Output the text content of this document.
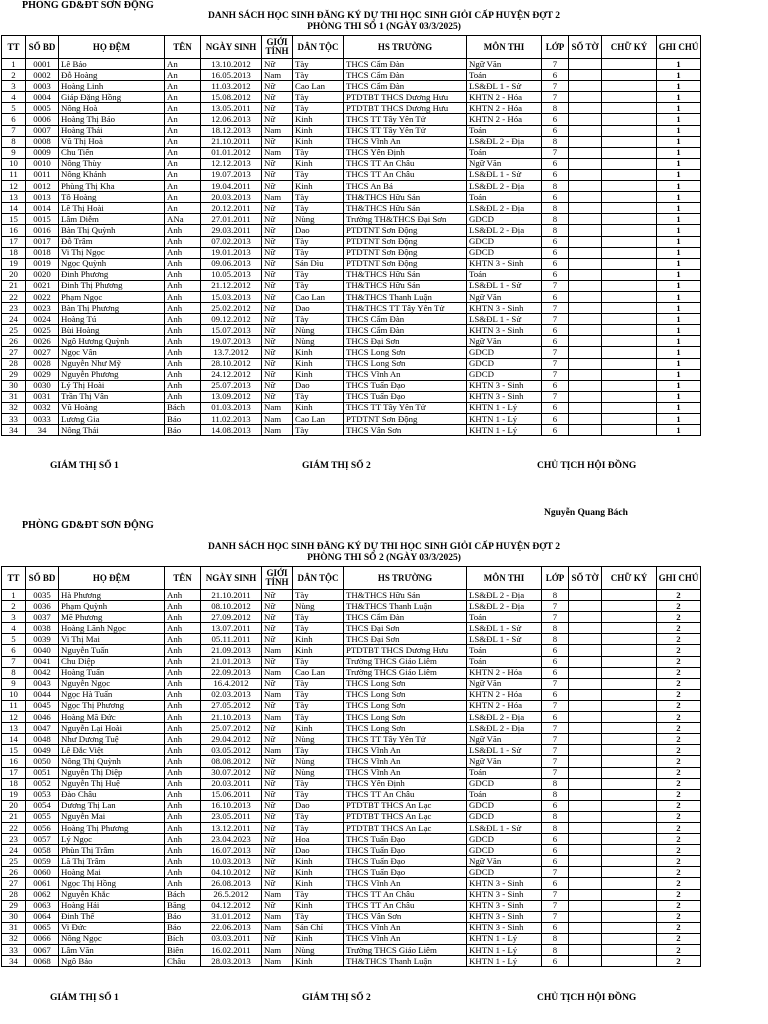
PHÒNG GD&ĐT SƠN ĐỘNG
DANH SÁCH HỌC SINH ĐĂNG KÝ DỰ THI HỌC SINH GIỎI CẤP HUYỆN ĐỢT 2
PHÒNG THI SỐ 1 (NGÀY 03/3/2025)
TT	SỐ BD	HỌ ĐỆM	TÊN	NGÀY SINH	GIỚI TÍNH	DÂN TỘC	HS TRƯỜNG	MÔN THI	LỚP	SỐ TỜ	CHỮ KÝ	GHI CHÚ
1	0001	Lê Bảo	An	13.10.2012	Nữ	Tày	THCS Cẩm Đàn	Ngữ Văn	7			1
2	0002	Đỗ Hoàng	An	16.05.2013	Nam	Tày	THCS Cẩm Đàn	Toán	6			1
3	0003	Hoàng Linh	An	11.03.2012	Nữ	Cao Lan	THCS Cẩm Đàn	LS&ĐL 1 - Sử	7			1
4	0004	Giáp Đặng Hồng	An	15.08.2012	Nữ	Tày	PTDTBT THCS Dương Hưu	KHTN 2 - Hóa	7			1
5	0005	Nông Hoà	An	13.05.2011	Nữ	Tày	PTDTBT THCS Dương Hưu	KHTN 2 - Hóa	8			1
6	0006	Hoàng Thị Bảo	An	12.06.2013	Nữ	Kinh	THCS TT Tây Yên Tử	KHTN 2 - Hóa	6			1
7	0007	Hoàng Thái	An	18.12.2013	Nam	Kinh	THCS TT Tây Yên Tử	Toán	6			1
8	0008	Vũ Thị Hoà	An	21.10.2011	Nữ	Kinh	THCS Vĩnh An	LS&ĐL 2 - Địa	8			1
9	0009	Chu Tiến	An	01.01.2012	Nam	Tày	THCS Yên Định	Toán	7			1
10	0010	Nông Thùy	An	12.12.2013	Nữ	Kinh	THCS TT An Châu	Ngữ Văn	6			1
11	0011	Nông Khánh	An	19.07.2013	Nữ	Tày	THCS TT An Châu	LS&ĐL 1 - Sử	6			1
12	0012	Phùng Thị Kha	An	19.04.2011	Nữ	Kinh	THCS An Bá	LS&ĐL 2 - Địa	8			1
13	0013	Tô Hoàng	An	20.03.2013	Nam	Tày	TH&THCS Hữu Sản	Toán	6			1
14	0014	Lê Thị Hoài	An	20.12.2011	Nữ	Tày	TH&THCS Hữu Sản	LS&ĐL 2 - Địa	8			1
15	0015	Lâm Diễm	ANa	27.01.2011	Nữ	Nùng	Trường TH&THCS Đại Sơn	GDCD	8			1
16	0016	Bàn Thị Quỳnh	Anh	29.03.2011	Nữ	Dao	PTDTNT Sơn Động	LS&ĐL 2 - Địa	8			1
17	0017	Đỗ Trâm	Anh	07.02.2013	Nữ	Tày	PTDTNT Sơn Động	GDCD	6			1
18	0018	Vi Thị Ngọc	Anh	19.01.2013	Nữ	Tày	PTDTNT Sơn Động	GDCD	6			1
19	0019	Ngọc Quỳnh	Anh	09.06.2013	Nữ	Sán Dìu	PTDTNT Sơn Động	KHTN 3 - Sinh	6			1
20	0020	Đinh Phương	Anh	10.05.2013	Nữ	Tày	TH&THCS Hữu Sản	Toán	6			1
21	0021	Đinh Thị Phương	Anh	21.12.2012	Nữ	Tày	TH&THCS Hữu Sản	LS&ĐL 1 - Sử	7			1
22	0022	Phạm Ngọc	Anh	15.03.2013	Nữ	Cao Lan	TH&THCS Thanh Luận	Ngữ Văn	6			1
23	0023	Bàn Thị Phương	Anh	25.02.2012	Nữ	Dao	TH&THCS TT Tây Yên Tử	KHTN 3 - Sinh	7			1
24	0024	Hoàng Tú	Anh	09.12.2012	Nữ	Tày	THCS Cẩm Đàn	LS&ĐL 1 - Sử	7			1
25	0025	Bùi Hoàng	Anh	15.07.2013	Nữ	Nùng	THCS Cẩm Đàn	KHTN 3 - Sinh	6			1
26	0026	Ngô Hương Quỳnh	Anh	19.07.2013	Nữ	Nùng	THCS Đại Sơn	Ngữ Văn	6			1
27	0027	Ngọc Vân	Anh	13.7.2012	Nữ	Kinh	THCS Long Sơn	GDCD	7			1
28	0028	Nguyễn Như Mỹ	Anh	28.10.2012	Nữ	Kinh	THCS Long Sơn	GDCD	7			1
29	0029	Nguyễn Phương	Anh	24.12.2012	Nữ	Kinh	THCS Vĩnh An	GDCD	7			1
30	0030	Lý Thị Hoài	Anh	25.07.2013	Nữ	Dao	THCS Tuấn Đạo	KHTN 3 - Sinh	6			1
31	0031	Trần Thị Vân	Anh	13.09.2012	Nữ	Tày	THCS Tuấn Đạo	KHTN 3 - Sinh	7			1
32	0032	Vũ Hoàng	Bách	01.03.2013	Nam	Kinh	THCS TT Tây Yên Tử	KHTN 1 - Lý	6			1
33	0033	Lương Gia	Bảo	11.02.2013	Nam	Cao Lan	PTDTNT Sơn Động	KHTN 1 - Lý	6			1
34	34	Nông Thái	Bảo	14.08.2013	Nam	Tày	THCS Vân Sơn	KHTN 1 - Lý	6			1
GIÁM THỊ SỐ 1	GIÁM THỊ SỐ 2	CHỦ TỊCH HỘI ĐỒNG
Nguyễn Quang Bách
PHÒNG GD&ĐT SƠN ĐỘNG
DANH SÁCH HỌC SINH ĐĂNG KÝ DỰ THI HỌC SINH GIỎI CẤP HUYỆN ĐỢT 2
PHÒNG THI SỐ 2 (NGÀY 03/3/2025)
TT	SỐ BD	HỌ ĐỆM	TÊN	NGÀY SINH	GIỚI TÍNH	DÂN TỘC	HS TRƯỜNG	MÔN THI	LỚP	SỐ TỜ	CHỮ KÝ	GHI CHÚ
1	0035	Hà Phương	Anh	21.10.2011	Nữ	Tày	TH&THCS Hữu Sản	LS&ĐL 2 - Địa	8			2
2	0036	Phạm Quỳnh	Anh	08.10.2012	Nữ	Nùng	TH&THCS Thanh Luận	LS&ĐL 2 - Địa	7			2
3	0037	Mẽ Phương	Anh	27.09.2012	Nữ	Tày	THCS Cẩm Đàn	Toán	7			2
4	0038	Hoàng Lãnh Ngọc	Anh	13.07.2011	Nữ	Tày	THCS Đại Sơn	LS&ĐL 1 - Sử	8			2
5	0039	Vi Thị Mai	Anh	05.11.2011	Nữ	Kinh	THCS Đại Sơn	LS&ĐL 1 - Sử	8			2
6	0040	Nguyễn Tuấn	Anh	21.09.2013	Nam	Kinh	PTDTBT THCS Dương Hưu	Toán	6			2
7	0041	Chu Diệp	Anh	21.01.2013	Nữ	Tày	Trường THCS Giáo Liêm	Toán	6			2
8	0042	Hoàng Tuấn	Anh	22.09.2013	Nam	Cao Lan	Trường THCS Giáo Liêm	KHTN 2 - Hóa	6			2
9	0043	Nguyễn Ngọc	Anh	16.4.2012	Nữ	Tày	THCS Long Sơn	Ngữ Văn	7			2
10	0044	Ngọc Hà Tuấn	Anh	02.03.2013	Nam	Tày	THCS Long Sơn	KHTN 2 - Hóa	6			2
11	0045	Ngọc Thị Phương	Anh	27.05.2012	Nữ	Tày	THCS Long Sơn	KHTN 2 - Hóa	7			2
12	0046	Hoàng Mã Đức	Anh	21.10.2013	Nam	Tày	THCS Long Sơn	LS&ĐL 2 - Địa	6			2
13	0047	Nguyễn Lại Hoài	Anh	25.07.2012	Nữ	Kinh	THCS Long Sơn	LS&ĐL 2 - Địa	7			2
14	0048	Như Dương Tuệ	Anh	29.04.2012	Nữ	Nùng	THCS TT Tây Yên Tử	Ngữ Văn	7			2
15	0049	Lê Đắc Việt	Anh	03.05.2012	Nam	Tày	THCS Vĩnh An	LS&ĐL 1 - Sử	7			2
16	0050	Nông Thị Quỳnh	Anh	08.08.2012	Nữ	Nùng	THCS Vĩnh An	Ngữ Văn	7			2
17	0051	Nguyễn Thị Diệp	Anh	30.07.2012	Nữ	Nùng	THCS Vĩnh An	Toán	7			2
18	0052	Nguyễn Thị Huệ	Anh	20.03.2011	Nữ	Tày	THCS Yên Định	GDCD	8			2
19	0053	Đào Châu	Anh	15.06.2011	Nữ	Tày	THCS TT An Châu	Toán	8			2
20	0054	Dương Thị Lan	Anh	16.10.2013	Nữ	Dao	PTDTBT THCS An Lạc	GDCD	6			2
21	0055	Nguyễn Mai	Anh	23.05.2011	Nữ	Tày	PTDTBT THCS An Lạc	GDCD	8			2
22	0056	Hoàng Thị Phương	Anh	13.12.2011	Nữ	Tày	PTDTBT THCS An Lạc	LS&ĐL 1 - Sử	8			2
23	0057	Lý Ngọc	Anh	23.04.2023	Nữ	Hoa	THCS Tuấn Đạo	GDCD	6			2
24	0058	Phùn Thị Trâm	Anh	16.07.2013	Nữ	Dao	THCS Tuấn Đạo	GDCD	6			2
25	0059	Lã Thị Trâm	Anh	10.03.2013	Nữ	Kinh	THCS Tuấn Đạo	Ngữ Văn	6			2
26	0060	Hoàng Mai	Anh	04.10.2012	Nữ	Kinh	THCS Tuấn Đạo	GDCD	7			2
27	0061	Ngọc Thị Hồng	Anh	26.08.2013	Nữ	Kinh	THCS Vĩnh An	KHTN 3 - Sinh	6			2
28	0062	Nguyễn Khắc	Bách	26.5.2012	Nam	Tày	THCS TT An Châu	KHTN 3 - Sinh	7			2
29	0063	Hoàng Hải	Băng	04.12.2012	Nữ	Kinh	THCS TT An Châu	KHTN 3 - Sinh	7			2
30	0064	Đinh Thế	Bảo	31.01.2012	Nam	Tày	THCS Vân Sơn	KHTN 3 - Sinh	7			2
31	0065	Vi Đức	Bảo	22.06.2013	Nam	Sán Chỉ	THCS Vĩnh An	KHTN 3 - Sinh	6			2
32	0066	Nông Ngọc	Bích	03.03.2011	Nữ	Kinh	THCS Vĩnh An	KHTN 1 - Lý	8			2
33	0067	Lâm Văn	Biên	16.02.2011	Nam	Nùng	Trường THCS Giáo Liêm	KHTN 1 - Lý	8			2
34	0068	Ngô Bảo	Châu	28.03.2013	Nam	Kinh	TH&THCS Thanh Luận	KHTN 1 - Lý	6			2
GIÁM THỊ SỐ 1	GIÁM THỊ SỐ 2	CHỦ TỊCH HỘI ĐỒNG
